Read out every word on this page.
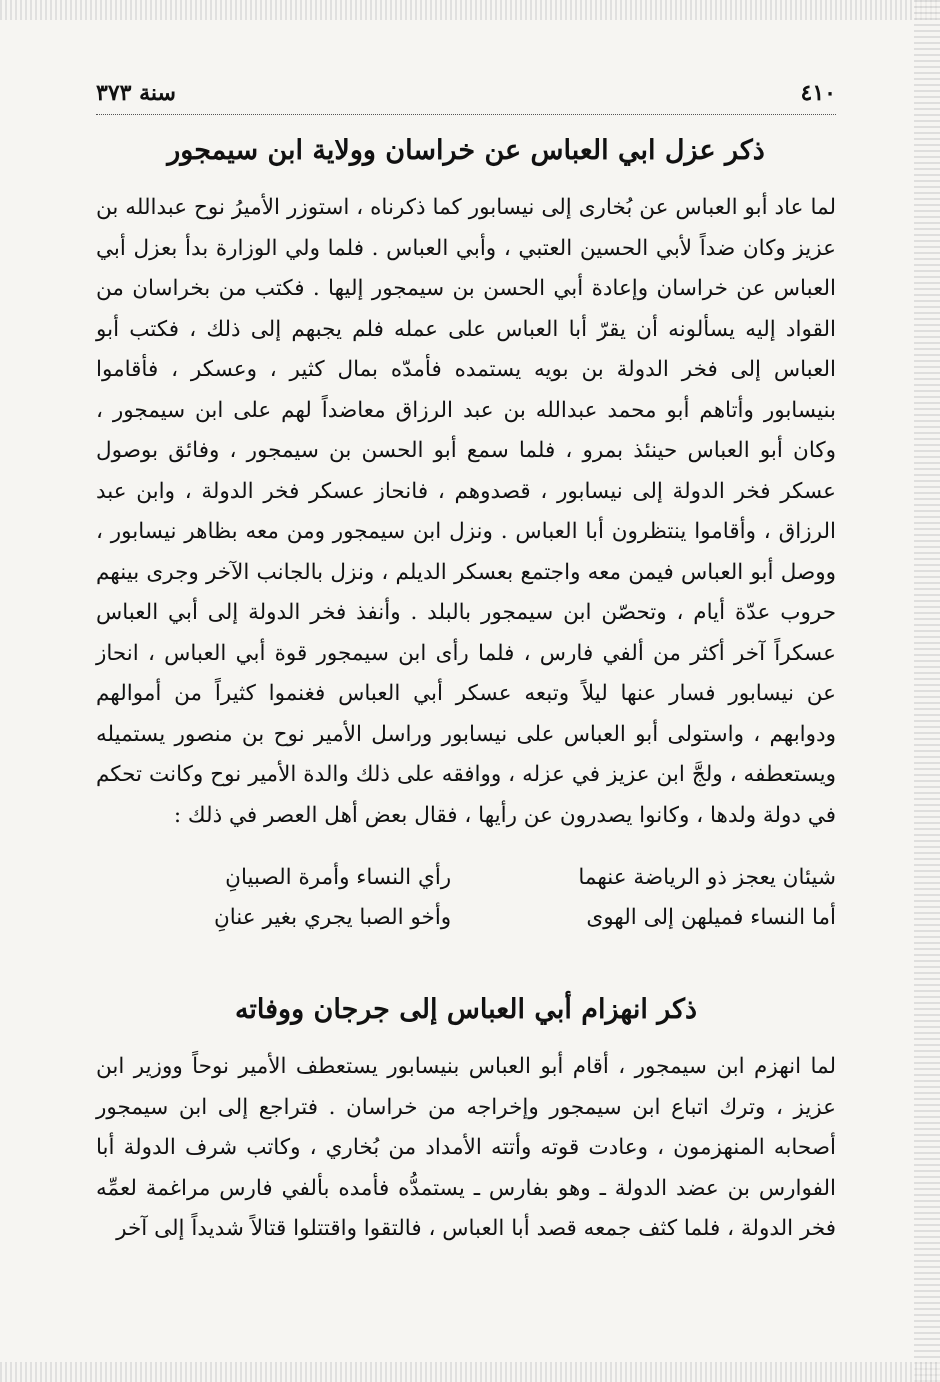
٤١٠
سنة ٣٧٣
ذكر عزل ابي العباس عن خراسان وولاية ابن سيمجور

لما عاد أبو العباس عن بُخارى إلى نيسابور كما ذكرناه ، استوزر الأميرُ نوح عبدالله بن عزيز وكان ضداً لأبي الحسين العتبي ، وأبي العباس . فلما ولي الوزارة بدأ بعزل أبي العباس عن خراسان وإعادة أبي الحسن بن سيمجور إليها . فكتب من بخراسان من القواد إليه يسألونه أن يقرّ أبا العباس على عمله فلم يجبهم إلى ذلك ، فكتب أبو العباس إلى فخر الدولة بن بويه يستمده فأمدّه بمال كثير ، وعسكر ، فأقاموا بنيسابور وأتاهم أبو محمد عبدالله بن عبد الرزاق معاضداً لهم على ابن سيمجور ، وكان أبو العباس حينئذ بمرو ، فلما سمع أبو الحسن بن سيمجور ، وفائق بوصول عسكر فخر الدولة إلى نيسابور ، قصدوهم ، فانحاز عسكر فخر الدولة ، وابن عبد الرزاق ، وأقاموا ينتظرون أبا العباس . ونزل ابن سيمجور ومن معه بظاهر نيسابور ، ووصل أبو العباس فيمن معه واجتمع بعسكر الديلم ، ونزل بالجانب الآخر وجرى بينهم حروب عدّة أيام ، وتحصّن ابن سيمجور بالبلد . وأنفذ فخر الدولة إلى أبي العباس عسكراً آخر أكثر من ألفي فارس ، فلما رأى ابن سيمجور قوة أبي العباس ، انحاز عن نيسابور فسار عنها ليلاً وتبعه عسكر أبي العباس فغنموا كثيراً من أموالهم ودوابهم ، واستولى أبو العباس على نيسابور وراسل الأمير نوح بن منصور يستميله ويستعطفه ، ولجَّ ابن عزيز في عزله ، ووافقه على ذلك والدة الأمير نوح وكانت تحكم في دولة ولدها ، وكانوا يصدرون عن رأيها ، فقال بعض أهل العصر في ذلك :

شيئان يعجز ذو الرياضة عنهما
رأي النساء وأمرة الصبيانِ
أما النساء فميلهن إلى الهوى
وأخو الصبا يجري بغير عنانِ
ذكر انهزام أبي العباس إلى جرجان ووفاته

لما انهزم ابن سيمجور ، أقام أبو العباس بنيسابور يستعطف الأمير نوحاً ووزير ابن عزيز ، وترك اتباع ابن سيمجور وإخراجه من خراسان . فتراجع إلى ابن سيمجور أصحابه المنهزمون ، وعادت قوته وأتته الأمداد من بُخاري ، وكاتب شرف الدولة أبا الفوارس بن عضد الدولة ـ وهو بفارس ـ يستمدُّه فأمده بألفي فارس مراغمة لعمِّه فخر الدولة ، فلما كثف جمعه قصد أبا العباس ، فالتقوا واقتتلوا قتالاً شديداً إلى آخر
